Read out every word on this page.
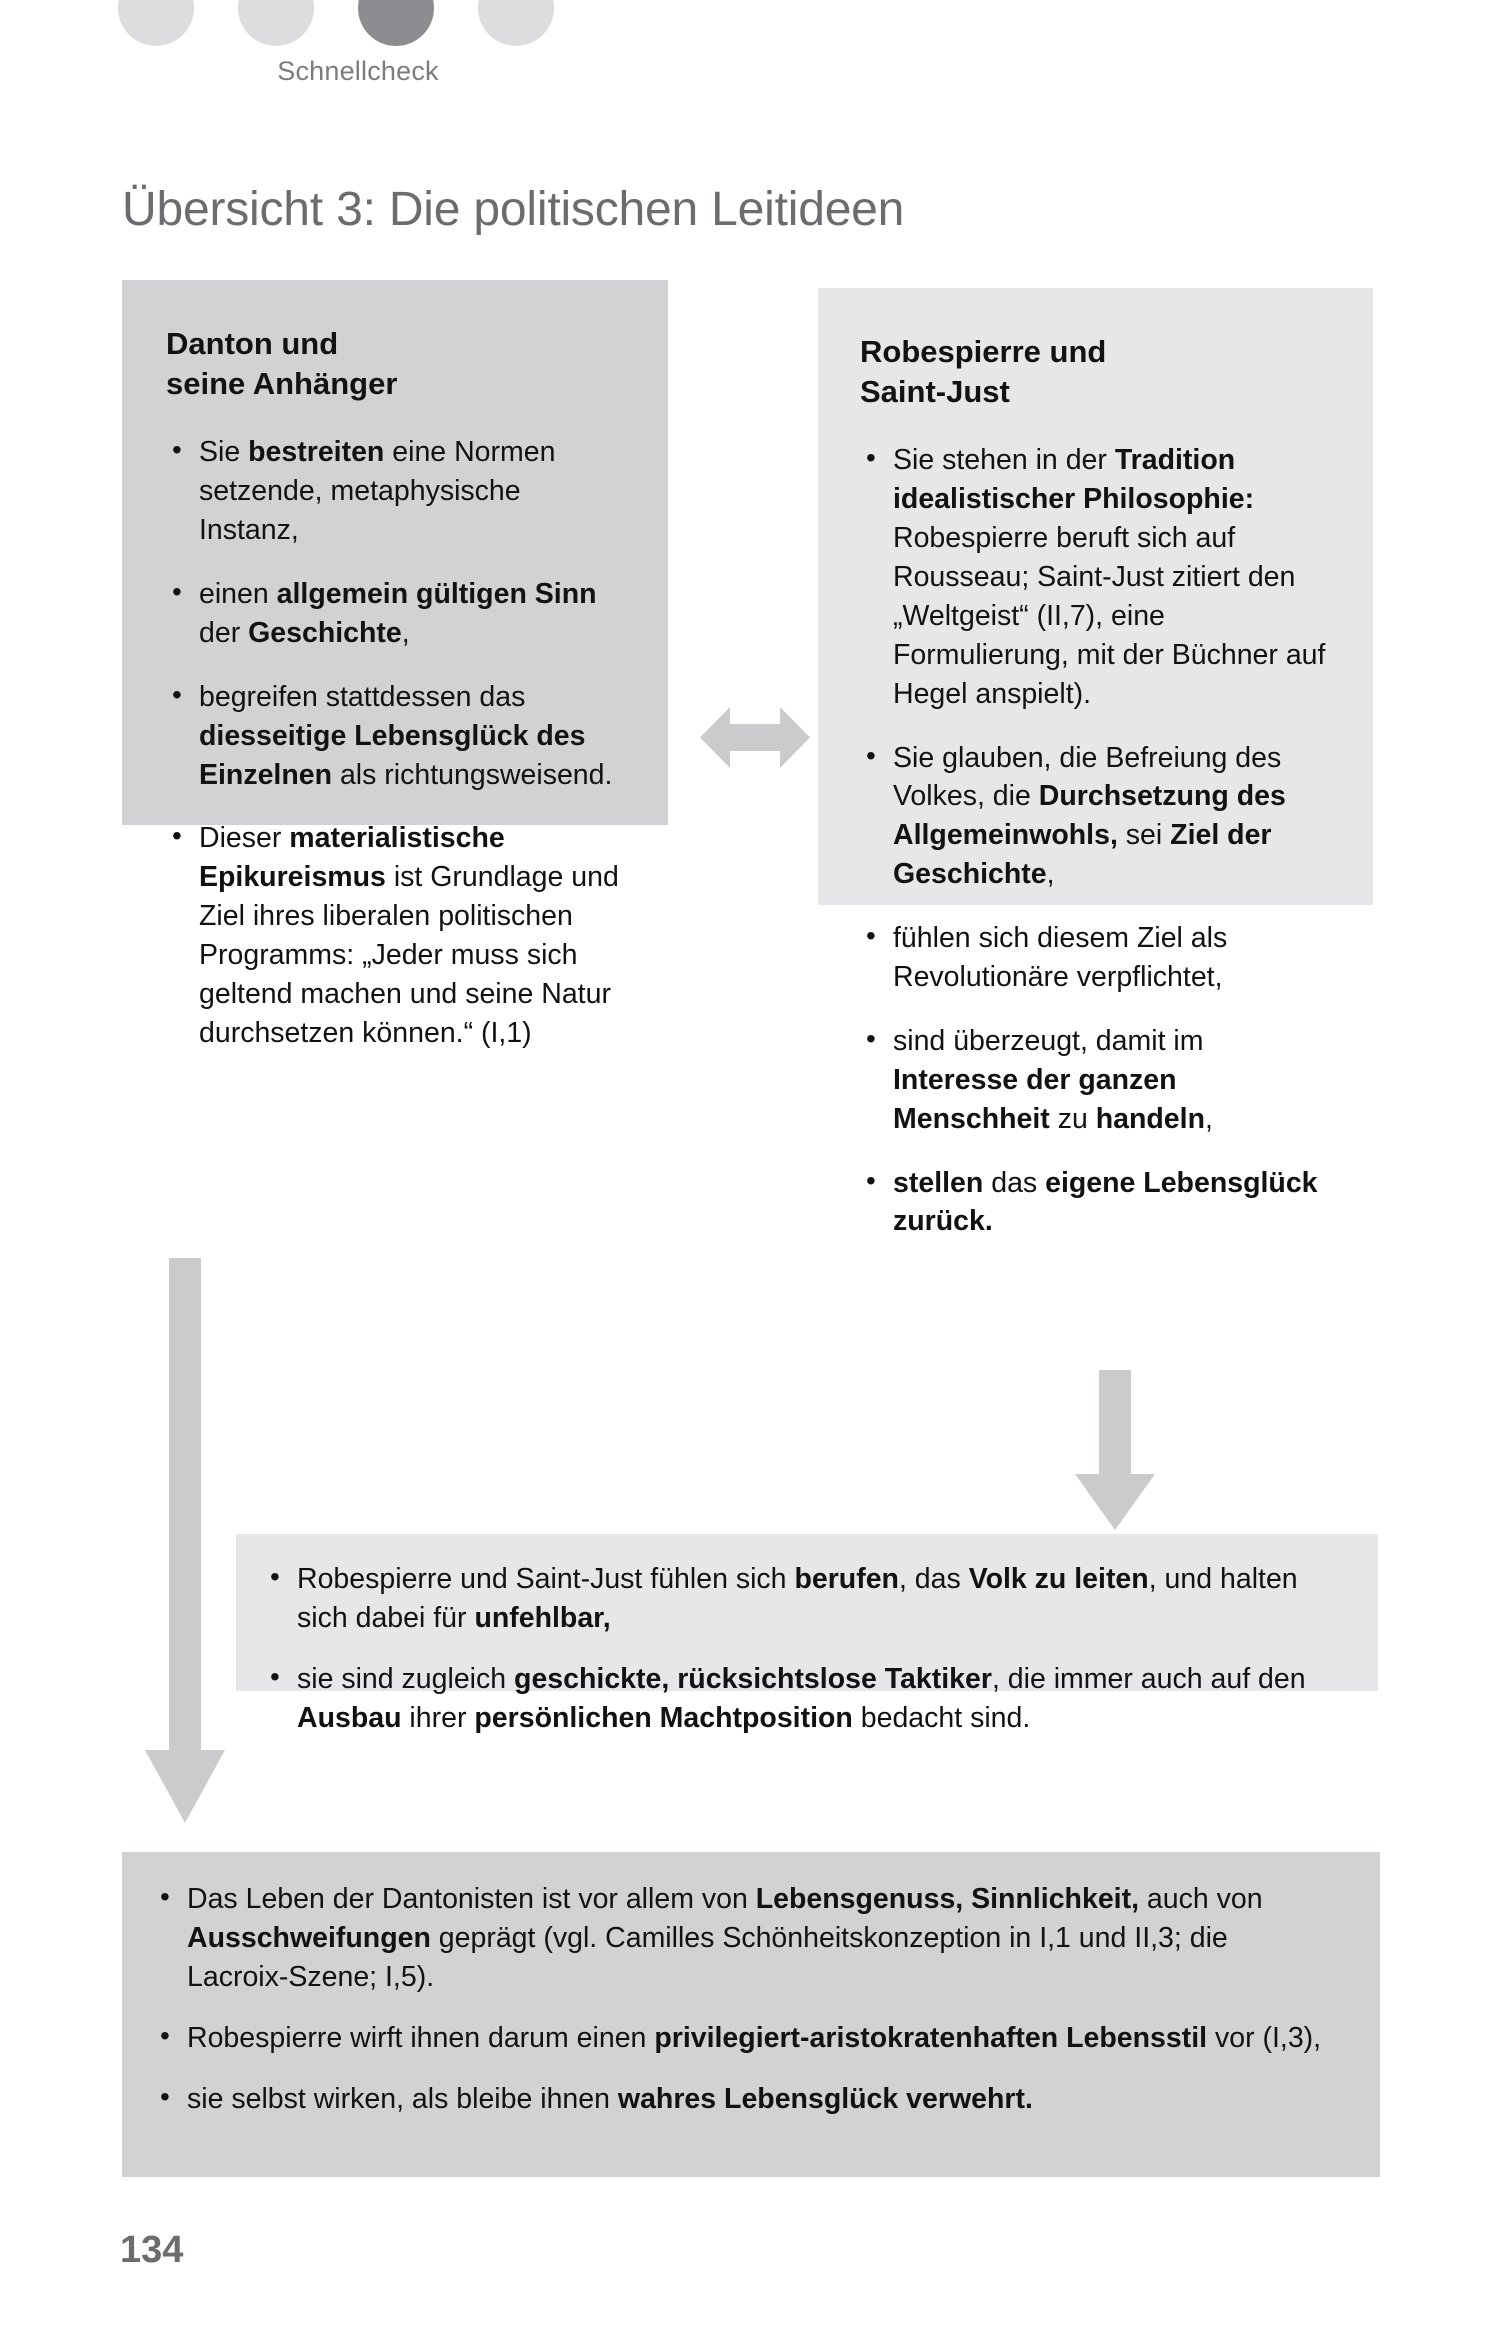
Schnellcheck
Übersicht 3: Die politischen Leitideen
Danton und
seine Anhänger
• Sie bestreiten eine Normen setzende, metaphysische Instanz,
• einen allgemein gültigen Sinn der Geschichte,
• begreifen stattdessen das diesseitige Lebensglück des Einzelnen als richtungsweisend.
• Dieser materialistische Epikureismus ist Grundlage und Ziel ihres liberalen politischen Programms: „Jeder muss sich geltend machen und seine Natur durchsetzen können.“ (I,1)
Robespierre und
Saint-Just
• Sie stehen in der Tradition idealistischer Philosophie: Robespierre beruft sich auf Rousseau; Saint-Just zitiert den „Weltgeist“ (II,7), eine Formulierung, mit der Büchner auf Hegel anspielt).
• Sie glauben, die Befreiung des Volkes, die Durchsetzung des Allgemeinwohls, sei Ziel der Geschichte,
• fühlen sich diesem Ziel als Revolutionäre verpflichtet,
• sind überzeugt, damit im Interesse der ganzen Menschheit zu handeln,
• stellen das eigene Lebensglück zurück.
• Robespierre und Saint-Just fühlen sich berufen, das Volk zu leiten, und halten sich dabei für unfehlbar,
• sie sind zugleich geschickte, rücksichtslose Taktiker, die immer auch auf den Ausbau ihrer persönlichen Machtposition bedacht sind.
• Das Leben der Dantonisten ist vor allem von Lebensgenuss, Sinnlichkeit, auch von Ausschweifungen geprägt (vgl. Camilles Schönheitskonzeption in I,1 und II,3; die Lacroix-Szene; I,5).
• Robespierre wirft ihnen darum einen privilegiert-aristokratenhaften Lebensstil vor (I,3),
• sie selbst wirken, als bleibe ihnen wahres Lebensglück verwehrt.
134
